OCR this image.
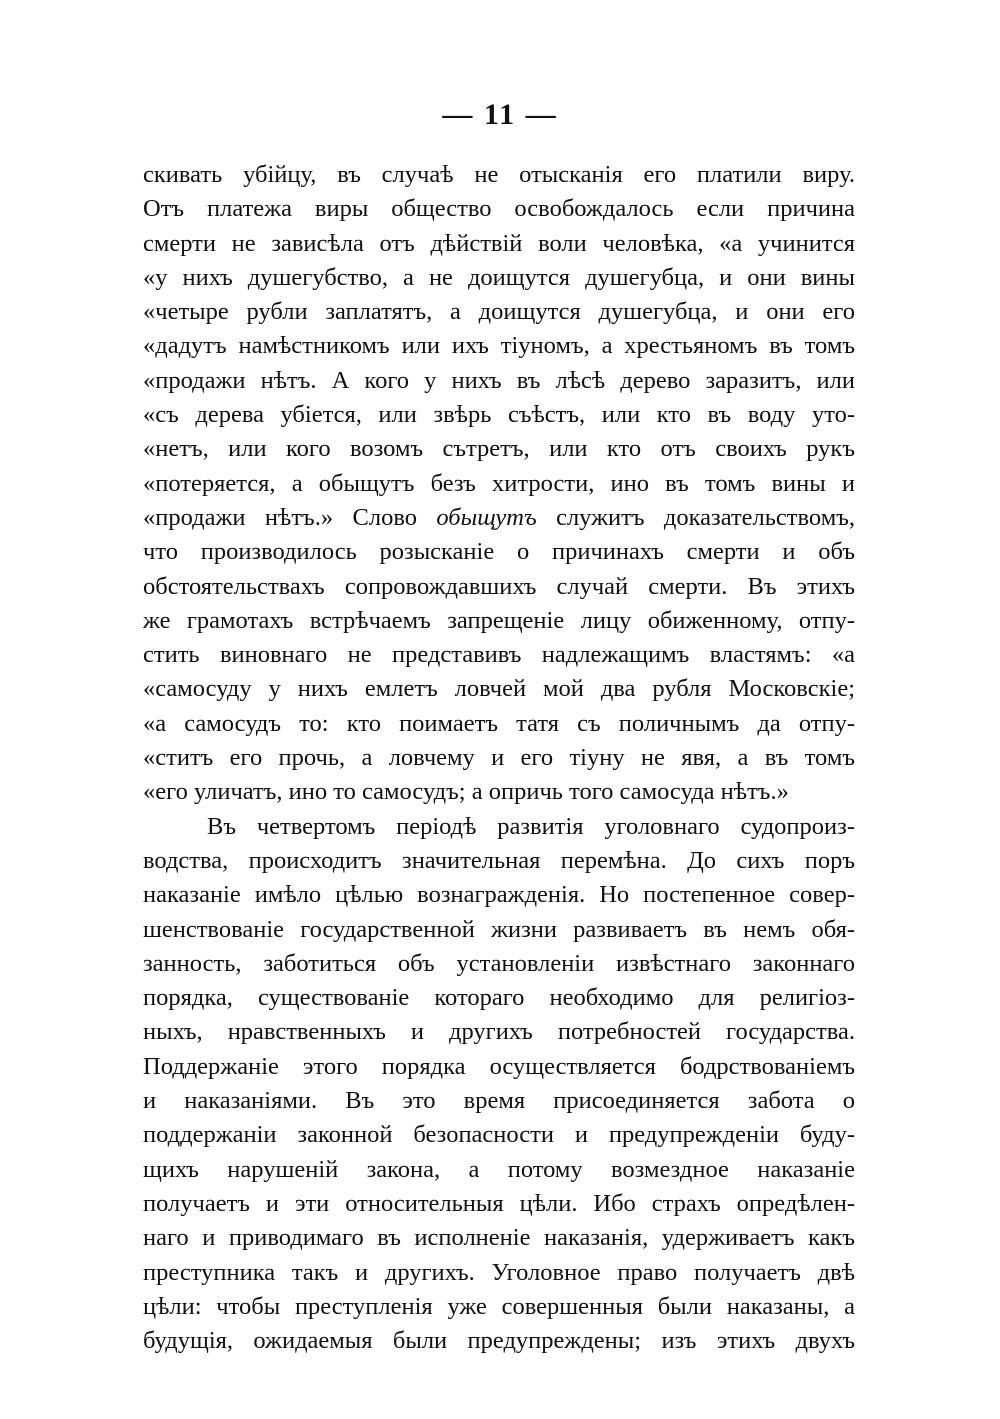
— 11 —
скивать убійцу, въ случаѣ не отысканія его платили виру.
Отъ платежа виры общество освобождалось если причина
смерти не зависѣла отъ дѣйствій воли человѣка, «а учинится
«у нихъ душегубство, а не доищутся душегубца, и они вины
«четыре рубли заплатятъ, а доищутся душегубца, и они его
«дадутъ намѣстникомъ или ихъ тіуномъ, а хрестьяномъ въ томъ
«продажи нѣтъ. А кого у нихъ въ лѣсѣ дерево заразитъ, или
«съ дерева убіется, или звѣрь съѣстъ, или кто въ воду уто-
«нетъ, или кого возомъ сътретъ, или кто отъ своихъ рукъ
«потеряется, а обыщутъ безъ хитрости, ино въ томъ вины и
«продажи нѣтъ.» Слово обыщутъ служитъ доказательствомъ,
что производилось розысканіе о причинахъ смерти и объ
обстоятельствахъ сопровождавшихъ случай смерти. Въ этихъ
же грамотахъ встрѣчаемъ запрещеніе лицу обиженному, отпу-
стить виновнаго не представивъ надлежащимъ властямъ: «а
«самосуду у нихъ емлетъ ловчей мой два рубля Московскіе;
«а самосудъ то: кто поимаетъ татя съ поличнымъ да отпу-
«ститъ его прочь, а ловчему и его тіуну не явя, а въ томъ
«его уличатъ, ино то самосудъ; а опричь того самосуда нѣтъ.»
Въ четвертомъ періодѣ развитія уголовнаго судопроиз-
водства, происходитъ значительная перемѣна. До сихъ поръ
наказаніе имѣло цѣлью вознагражденія. Но постепенное совер-
шенствованіе государственной жизни развиваетъ въ немъ обя-
занность, заботиться объ установленіи извѣстнаго законнаго
порядка, существованіе котораго необходимо для религіоз-
ныхъ, нравственныхъ и другихъ потребностей государства.
Поддержаніе этого порядка осуществляется бодрствованіемъ
и наказаніями. Въ это время присоединяется забота о
поддержаніи законной безопасности и предупрежденіи буду-
щихъ нарушеній закона, а потому возмездное наказаніе
получаетъ и эти относительныя цѣли. Ибо страхъ опредѣлен-
наго и приводимаго въ исполненіе наказанія, удерживаетъ какъ
преступника такъ и другихъ. Уголовное право получаетъ двѣ
цѣли: чтобы преступленія уже совершенныя были наказаны, а
будущія, ожидаемыя были предупреждены; изъ этихъ двухъ
